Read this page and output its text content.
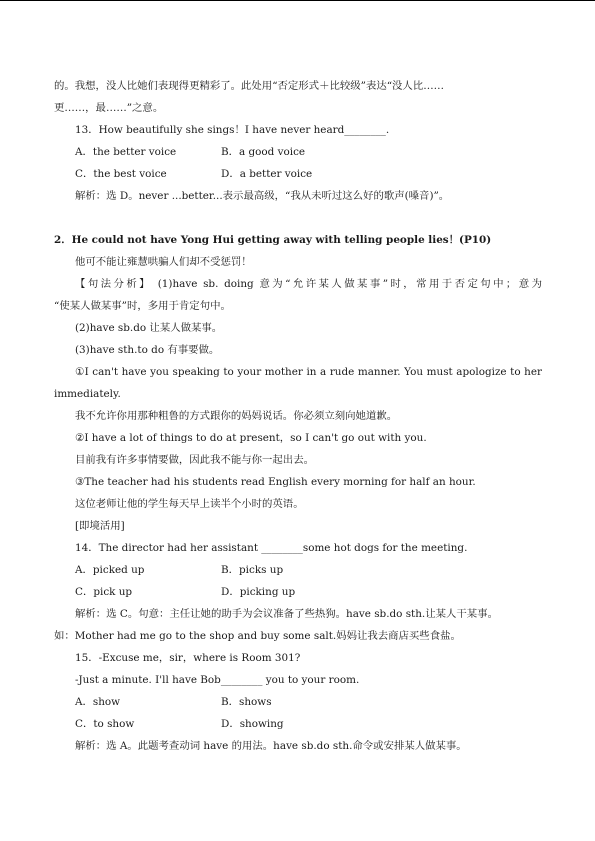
的。我想，没人比她们表现得更精彩了。此处用“否定形式＋比较级”表达“没人比……
更……，最……”之意。
13．How beautifully she sings！I have never heard________.
A．the better voice	B．a good voice
C．the best voice	D．a better voice
解析：选 D。never ...better...表示最高级，“我从未听过这么好的歌声(嗓音)”。
2．He could not have Yong Hui getting away with telling people lies！(P10)
他可不能让雍慧哄骗人们却不受惩罚！
【句法分析】 (1)have sb. doing 意为“允许某人做某事”时，常用于否定句中；意为
“使某人做某事”时，多用于肯定句中。
(2)have sb.do 让某人做某事。
(3)have sth.to do 有事要做。
①I can't have you speaking to your mother in a rude manner. You must apologize to her
immediately.
我不允许你用那种粗鲁的方式跟你的妈妈说话。你必须立刻向她道歉。
②I have a lot of things to do at present，so I can't go out with you.
目前我有许多事情要做，因此我不能与你一起出去。
③The teacher had his students read English every morning for half an hour.
这位老师让他的学生每天早上读半个小时的英语。
[即境活用]
14．The director had her assistant ________some hot dogs for the meeting.
A．picked up	B．picks up
C．pick up	D．picking up
解析：选 C。句意：主任让她的助手为会议准备了些热狗。have sb.do sth.让某人干某事。
如：Mother had me go to the shop and buy some salt.妈妈让我去商店买些食盐。
15．-Excuse me，sir，where is Room 301?
-Just a minute. I'll have Bob________ you to your room.
A．show	B．shows
C．to show	D．showing
解析：选 A。此题考查动词 have 的用法。have sb.do sth.命令或安排某人做某事。
